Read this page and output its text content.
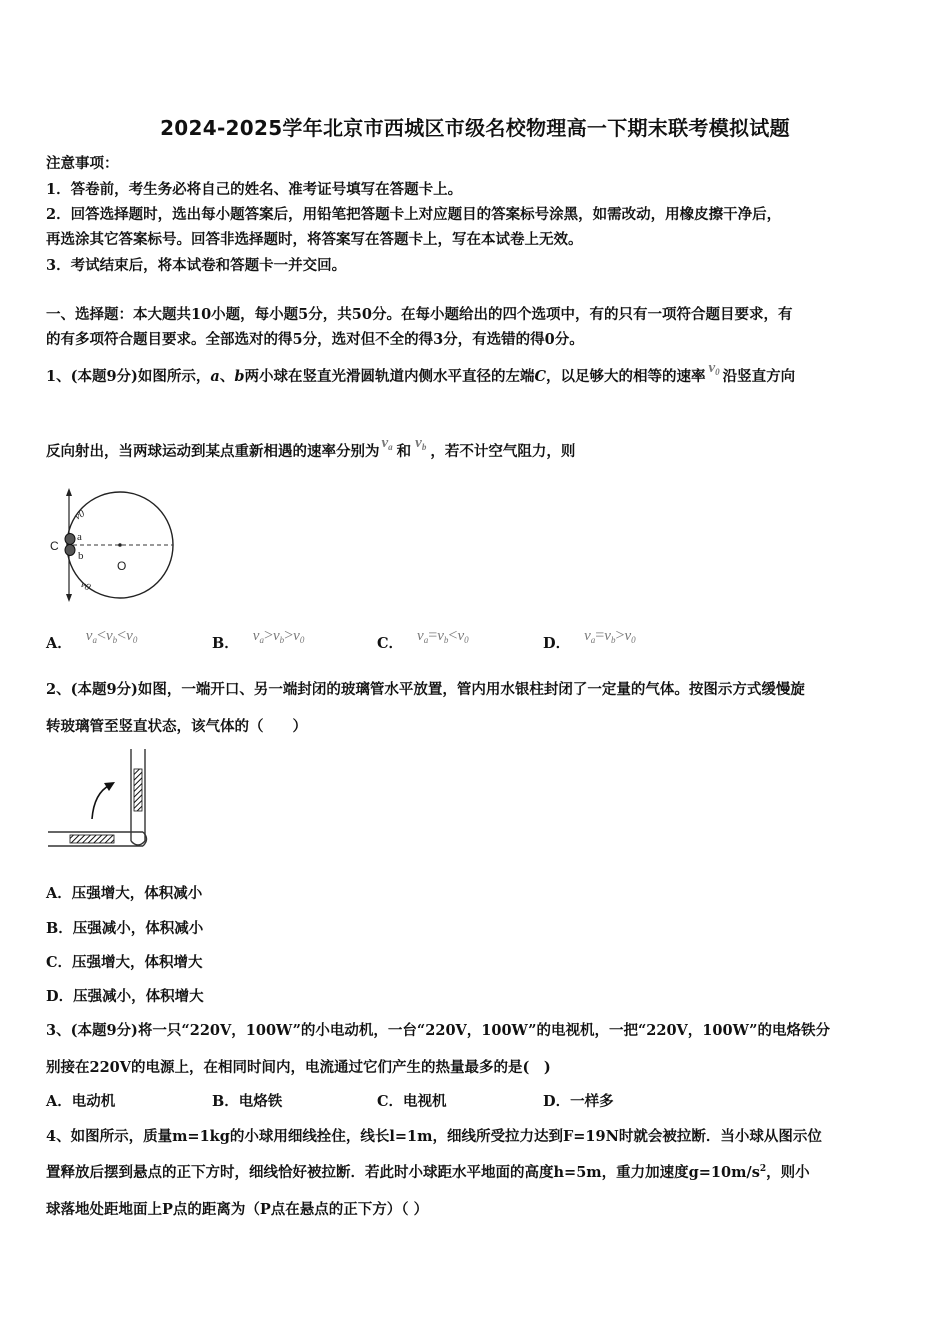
2024-2025学年北京市西城区市级名校物理高一下期末联考模拟试题
注意事项：
1．答卷前，考生务必将自己的姓名、准考证号填写在答题卡上。
2．回答选择题时，选出每小题答案后，用铅笔把答题卡上对应题目的答案标号涂黑，如需改动，用橡皮擦干净后，
再选涂其它答案标号。回答非选择题时，将答案写在答题卡上，写在本试卷上无效。
3．考试结束后，将本试卷和答题卡一并交回。
一、选择题：本大题共10小题，每小题5分，共50分。在每小题给出的四个选项中，有的只有一项符合题目要求，有
的有多项符合题目要求。全部选对的得5分，选对但不全的得3分，有选错的得0分。
1、(本题9分)如图所示，a、b两小球在竖直光滑圆轨道内侧水平直径的左端C，以足够大的相等的速率 $v_0$ 沿竖直方向
反向射出，当两球运动到某点重新相遇的速率分别为 $v_a$ 和 $v_b$ ，若不计空气阻力，则
v0
a
C
b
O
v0
A． $v_a<v_b<v_0$	B． $v_a>v_b>v_0$	C． $v_a=v_b<v_0$	D． $v_a=v_b>v_0$
2、(本题9分)如图，一端开口、另一端封闭的玻璃管水平放置，管内用水银柱封闭了一定量的气体。按图示方式缓慢旋
转玻璃管至竖直状态，该气体的（　　）
A．压强增大，体积减小
B．压强减小，体积减小
C．压强增大，体积增大
D．压强减小，体积增大
3、(本题9分)将一只“220V，100W”的小电动机，一台“220V，100W”的电视机，一把“220V，100W”的电烙铁分
别接在220V的电源上，在相同时间内，电流通过它们产生的热量最多的是(　)
A．电动机	B．电烙铁	C．电视机	D．一样多
4、如图所示，质量m=1kg的小球用细线拴住，线长l=1m，细线所受拉力达到F=19N时就会被拉断．当小球从图示位
置释放后摆到悬点的正下方时，细线恰好被拉断．若此时小球距水平地面的高度h=5m，重力加速度$g=10m/s^2$，则小
球落地处距地面上P点的距离为（P点在悬点的正下方）（ ）
